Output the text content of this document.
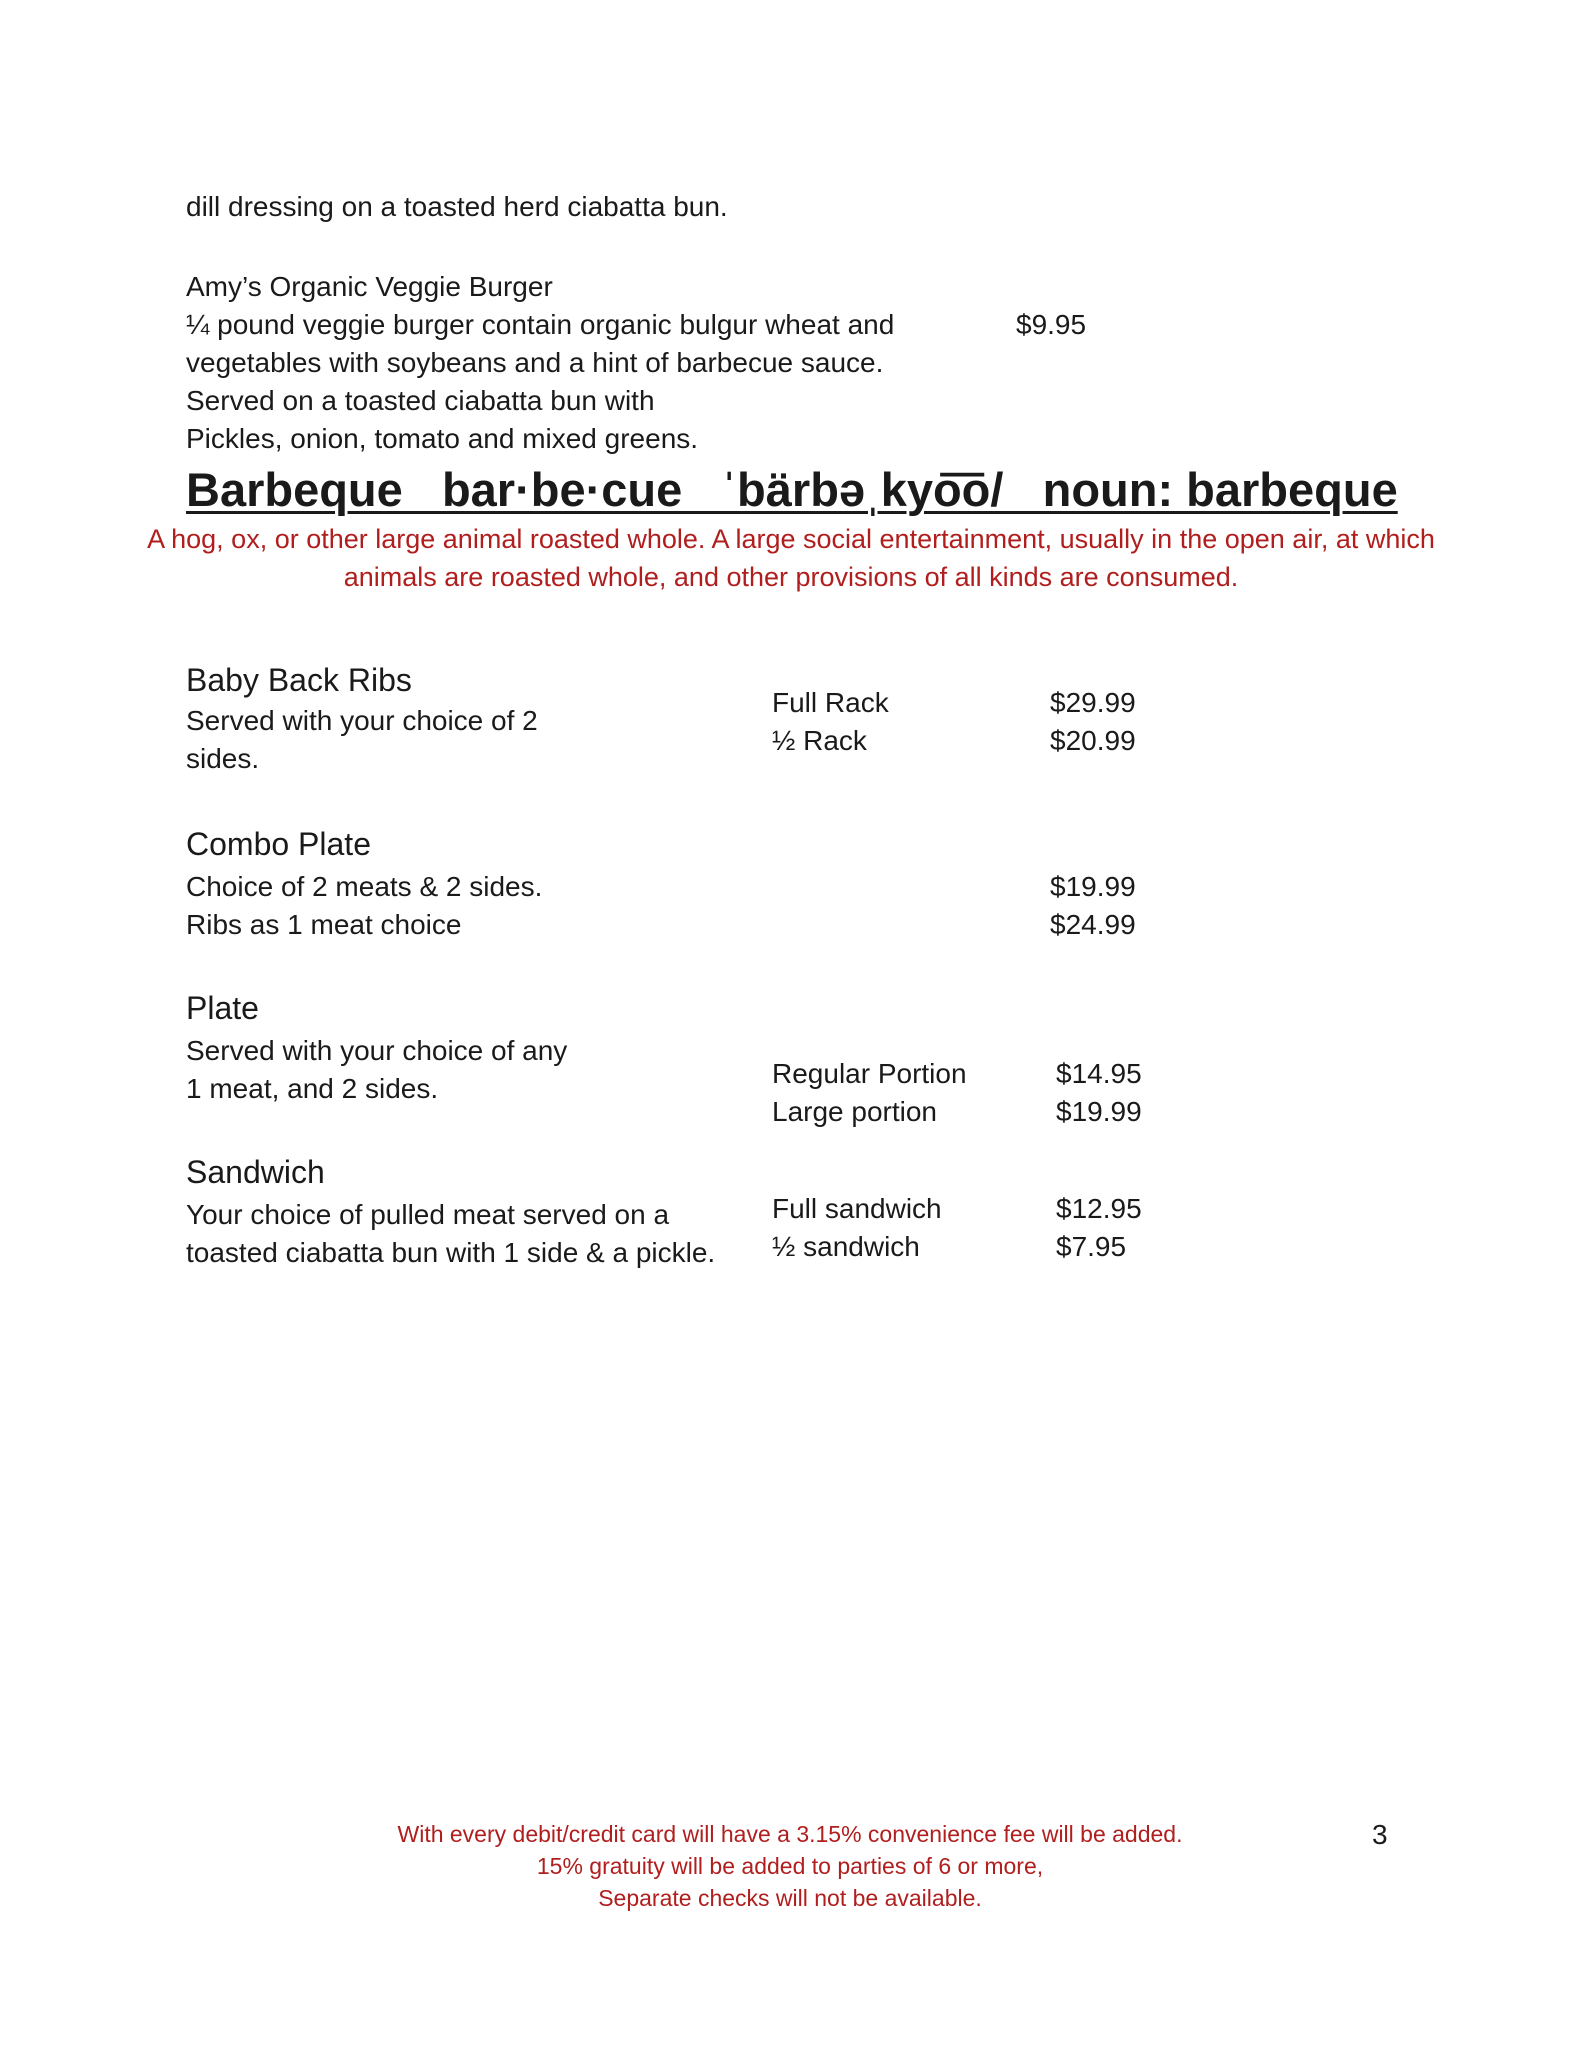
dill dressing on a toasted herd ciabatta bun.
Amy’s Organic Veggie Burger
¼ pound veggie burger contain organic bulgur wheat and
vegetables with soybeans and a hint of barbecue sauce.
Served on a toasted ciabatta bun with
Pickles, onion, tomato and mixed greens.
$9.95
Barbeque   bar·be·cue   ˈbärbəˌkyo͞o/   noun: barbeque
A hog, ox, or other large animal roasted whole. A large social entertainment, usually in the open air, at which animals are roasted whole, and other provisions of all kinds are consumed.
Baby Back Ribs
Served with your choice of 2
sides.
Full Rack
½ Rack
$29.99
$20.99
Combo Plate
Choice of 2 meats & 2 sides.
Ribs as 1 meat choice
$19.99
$24.99
Plate
Served with your choice of any
1 meat, and 2 sides.	Regular Portion
Large portion
$14.95
$19.99
Sandwich
Your choice of pulled meat served on a
toasted ciabatta bun with 1 side & a pickle.
Full sandwich
½ sandwich
$12.95
$7.95
With every debit/credit card will have a 3.15% convenience fee will be added.
15% gratuity will be added to parties of 6 or more,
Separate checks will not be available.
3
